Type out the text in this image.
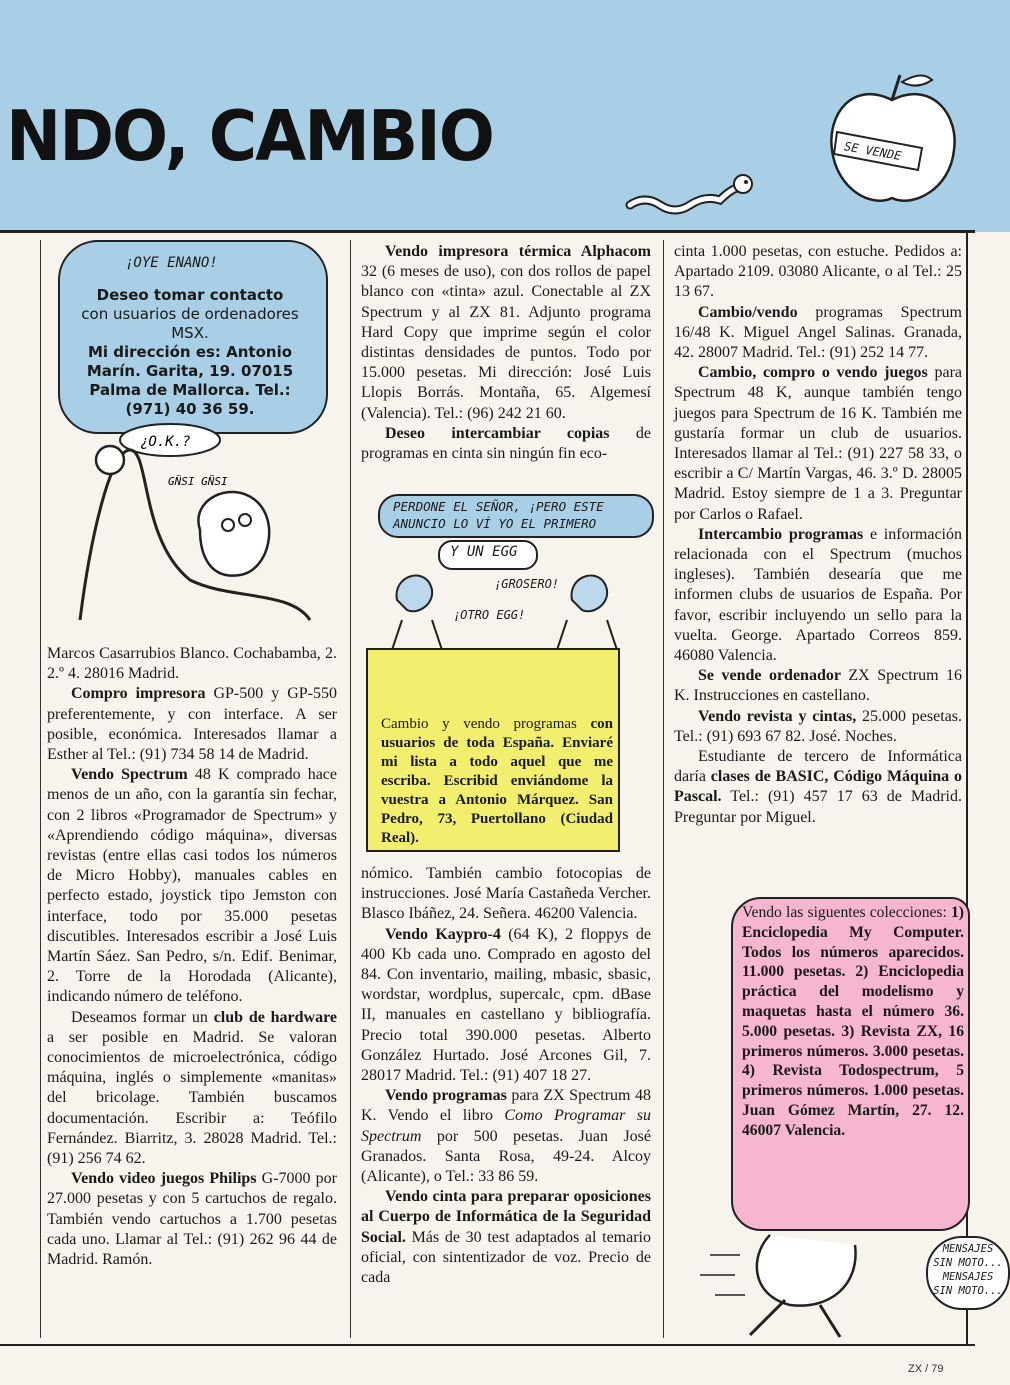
NDO, CAMBIO	SE VENDE
¡OYE ENANO!
Deseo tomar contacto
con usuarios de ordenadores MSX.
Mi dirección es: Antonio Marín. Garita, 19. 07015 Palma de Mallorca. Tel.: (971) 40 36 59.
¿O.K.?
GÑSI GÑSI

Marcos Casarrubios Blanco. Cochabamba, 2. 2.º 4. 28016 Madrid.

Compro impresora GP-500 y GP-550 preferentemente, y con interface. A ser posible, económica. Interesados llamar a Esther al Tel.: (91) 734 58 14 de Madrid.

Vendo Spectrum 48 K comprado hace menos de un año, con la garantía sin fechar, con 2 libros «Programador de Spectrum» y «Aprendiendo código máquina», diversas revistas (entre ellas casi todos los números de Micro Hobby), manuales cables en perfecto estado, joystick tipo Jemston con interface, todo por 35.000 pesetas discutibles. Interesados escribir a José Luis Martín Sáez. San Pedro, s/n. Edif. Benimar, 2. Torre de la Horodada (Alicante), indicando número de teléfono.

Deseamos formar un club de hardware a ser posible en Madrid. Se valoran conocimientos de microelectrónica, código máquina, inglés o simplemente «manitas» del bricolage. También buscamos documentación. Escribir a: Teófilo Fernández. Biarritz, 3. 28028 Madrid. Tel.: (91) 256 74 62.

Vendo video juegos Philips G-7000 por 27.000 pesetas y con 5 cartuchos de regalo. También vendo cartuchos a 1.700 pesetas cada uno. Llamar al Tel.: (91) 262 96 44 de Madrid. Ramón.

Vendo impresora térmica Alphacom 32 (6 meses de uso), con dos rollos de papel blanco con «tinta» azul. Conectable al ZX Spectrum y al ZX 81. Adjunto programa Hard Copy que imprime según el color distintas densidades de puntos. Todo por 15.000 pesetas. Mi dirección: José Luis Llopis Borrás. Montaña, 65. Algemesí (Valencia). Tel.: (96) 242 21 60.

Deseo intercambiar copias de programas en cinta sin ningún fin eco-

PERDONE EL SEÑOR, ¡PERO ESTE ANUNCIO LO VÍ YO EL PRIMERO
Y UN EGG
¡GROSERO!
¡OTRO EGG!
Cambio y vendo programas con usuarios de toda España. Enviaré mi lista a todo aquel que me escriba. Escribid enviándome la vuestra a Antonio Márquez. San Pedro, 73, Puertollano (Ciudad Real).

nómico. También cambio fotocopias de instrucciones. José María Castañeda Vercher. Blasco Ibáñez, 24. Señera. 46200 Valencia.

Vendo Kaypro-4 (64 K), 2 floppys de 400 Kb cada uno. Comprado en agosto del 84. Con inventario, mailing, mbasic, sbasic, wordstar, wordplus, supercalc, cpm. dBase II, manuales en castellano y bibliografía. Precio total 390.000 pesetas. Alberto González Hurtado. José Arcones Gil, 7. 28017 Madrid. Tel.: (91) 407 18 27.

Vendo programas para ZX Spectrum 48 K. Vendo el libro Como Programar su Spectrum por 500 pesetas. Juan José Granados. Santa Rosa, 49-24. Alcoy (Alicante), o Tel.: 33 86 59.

Vendo cinta para preparar oposiciones al Cuerpo de Informática de la Seguridad Social. Más de 30 test adaptados al temario oficial, con sintentizador de voz. Precio de cada

cinta 1.000 pesetas, con estuche. Pedidos a: Apartado 2109. 03080 Alicante, o al Tel.: 25 13 67.

Cambio/vendo programas Spectrum 16/48 K. Miguel Angel Salinas. Granada, 42. 28007 Madrid. Tel.: (91) 252 14 77.

Cambio, compro o vendo juegos para Spectrum 48 K, aunque también tengo juegos para Spectrum de 16 K. También me gustaría formar un club de usuarios. Interesados llamar al Tel.: (91) 227 58 33, o escribir a C/ Martín Vargas, 46. 3.º D. 28005 Madrid. Estoy siempre de 1 a 3. Preguntar por Carlos o Rafael.

Intercambio programas e información relacionada con el Spectrum (muchos ingleses). También desearía que me informen clubs de usuarios de España. Por favor, escribir incluyendo un sello para la vuelta. George. Apartado Correos 859. 46080 Valencia.

Se vende ordenador ZX Spectrum 16 K. Instrucciones en castellano.

Vendo revista y cintas, 25.000 pesetas. Tel.: (91) 693 67 82. José. Noches.

Estudiante de tercero de Informática daría clases de BASIC, Código Máquina o Pascal. Tel.: (91) 457 17 63 de Madrid. Preguntar por Miguel.

Vendo las siguentes colecciones: 1) Enciclopedia My Computer. Todos los números aparecidos. 11.000 pesetas. 2) Enciclopedia práctica del modelismo y maquetas hasta el número 36. 5.000 pesetas. 3) Revista ZX, 16 primeros números. 3.000 pesetas. 4) Revista Todospectrum, 5 primeros números. 1.000 pesetas. Juan Gómez Martín, 27. 12. 46007 Valencia.
MENSAJES SIN MOTO... MENSAJES SIN MOTO...
ZX / 79
